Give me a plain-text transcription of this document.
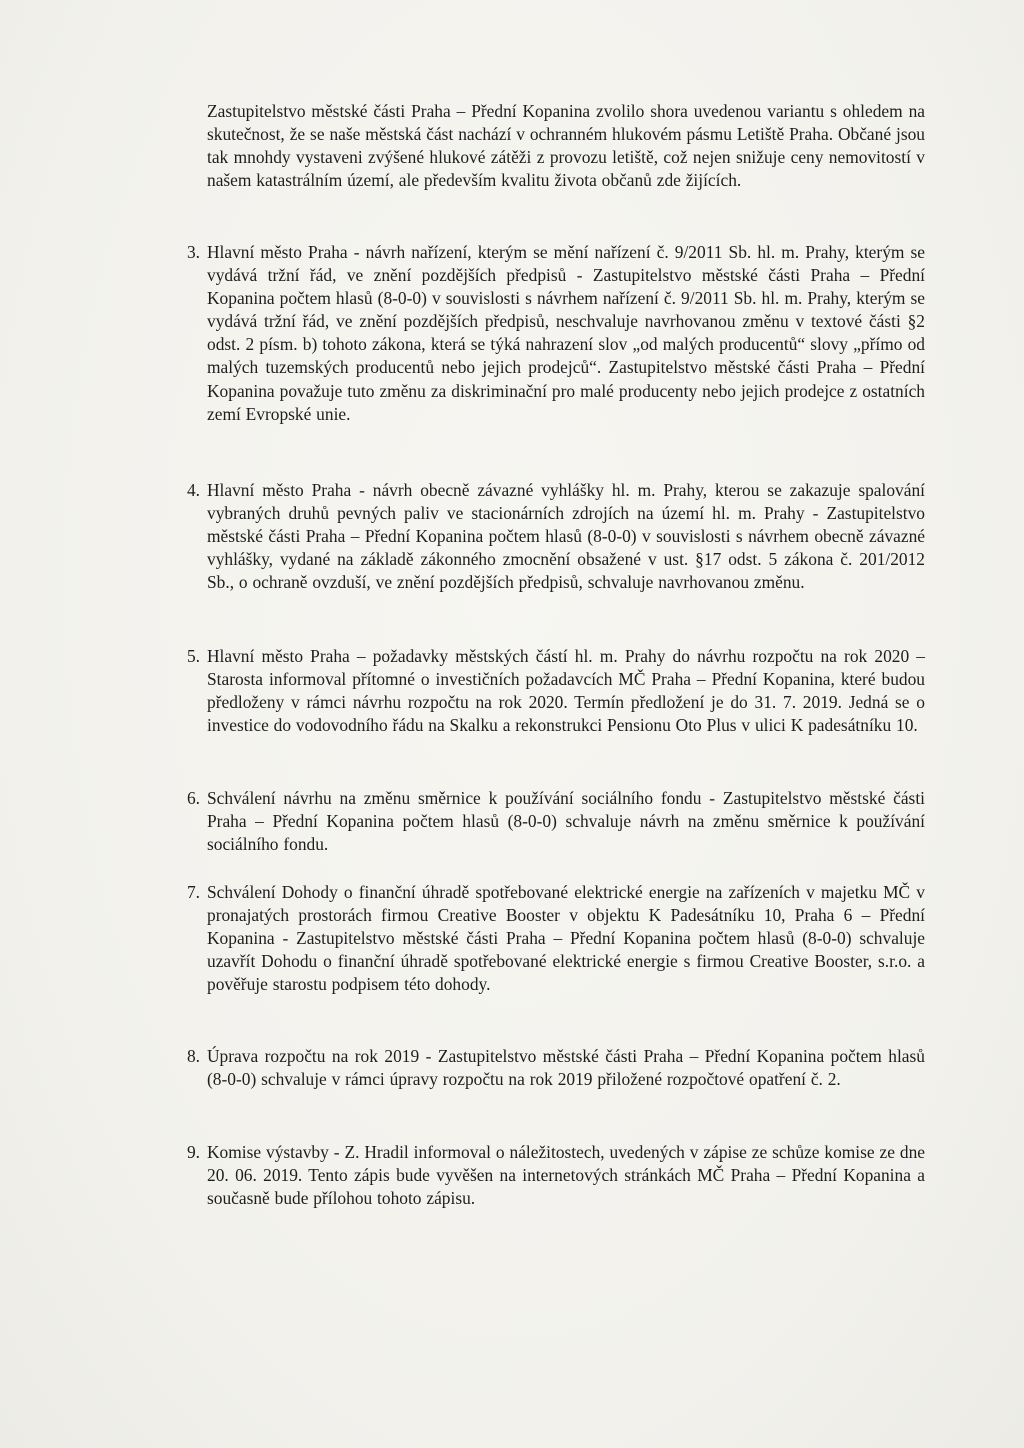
Zastupitelstvo městské části Praha – Přední Kopanina zvolilo shora uvedenou variantu s ohledem na skutečnost, že se naše městská část nachází v ochranném hlukovém pásmu Letiště Praha. Občané jsou tak mnohdy vystaveni zvýšené hlukové zátěži z provozu letiště, což nejen snižuje ceny nemovitostí v našem katastrálním území, ale především kvalitu života občanů zde žijících.

3. Hlavní město Praha - návrh nařízení, kterým se mění nařízení č. 9/2011 Sb. hl. m. Prahy, kterým se vydává tržní řád, ve znění pozdějších předpisů - Zastupitelstvo městské části Praha – Přední Kopanina počtem hlasů (8-0-0) v souvislosti s návrhem nařízení č. 9/2011 Sb. hl. m. Prahy, kterým se vydává tržní řád, ve znění pozdějších předpisů, neschvaluje navrhovanou změnu v textové části §2 odst. 2 písm. b) tohoto zákona, která se týká nahrazení slov „od malých producentů“ slovy „přímo od malých tuzemských producentů nebo jejich prodejců“. Zastupitelstvo městské části Praha – Přední Kopanina považuje tuto změnu za diskriminační pro malé producenty nebo jejich prodejce z ostatních zemí Evropské unie.

4. Hlavní město Praha - návrh obecně závazné vyhlášky hl. m. Prahy, kterou se zakazuje spalování vybraných druhů pevných paliv ve stacionárních zdrojích na území hl. m. Prahy - Zastupitelstvo městské části Praha – Přední Kopanina počtem hlasů (8-0-0) v souvislosti s návrhem obecně závazné vyhlášky, vydané na základě zákonného zmocnění obsažené v ust. §17 odst. 5 zákona č. 201/2012 Sb., o ochraně ovzduší, ve znění pozdějších předpisů, schvaluje navrhovanou změnu.

5. Hlavní město Praha – požadavky městských částí hl. m. Prahy do návrhu rozpočtu na rok 2020 – Starosta informoval přítomné o investičních požadavcích MČ Praha – Přední Kopanina, které budou předloženy v rámci návrhu rozpočtu na rok 2020. Termín předložení je do 31. 7. 2019. Jedná se o investice do vodovodního řádu na Skalku a rekonstrukci Pensionu Oto Plus v ulici K padesátníku 10.

6. Schválení návrhu na změnu směrnice k používání sociálního fondu - Zastupitelstvo městské části Praha – Přední Kopanina počtem hlasů (8-0-0) schvaluje návrh na změnu směrnice k používání sociálního fondu.

7. Schválení Dohody o finanční úhradě spotřebované elektrické energie na zařízeních v majetku MČ v pronajatých prostorách firmou Creative Booster v objektu K Padesátníku 10, Praha 6 – Přední Kopanina - Zastupitelstvo městské části Praha – Přední Kopanina počtem hlasů (8-0-0) schvaluje uzavřít Dohodu o finanční úhradě spotřebované elektrické energie s firmou Creative Booster, s.r.o. a pověřuje starostu podpisem této dohody.

8. Úprava rozpočtu na rok 2019 - Zastupitelstvo městské části Praha – Přední Kopanina počtem hlasů (8-0-0) schvaluje v rámci úpravy rozpočtu na rok 2019 přiložené rozpočtové opatření č. 2.

9. Komise výstavby - Z. Hradil informoval o náležitostech, uvedených v zápise ze schůze komise ze dne 20. 06. 2019. Tento zápis bude vyvěšen na internetových stránkách MČ Praha – Přední Kopanina a současně bude přílohou tohoto zápisu.
